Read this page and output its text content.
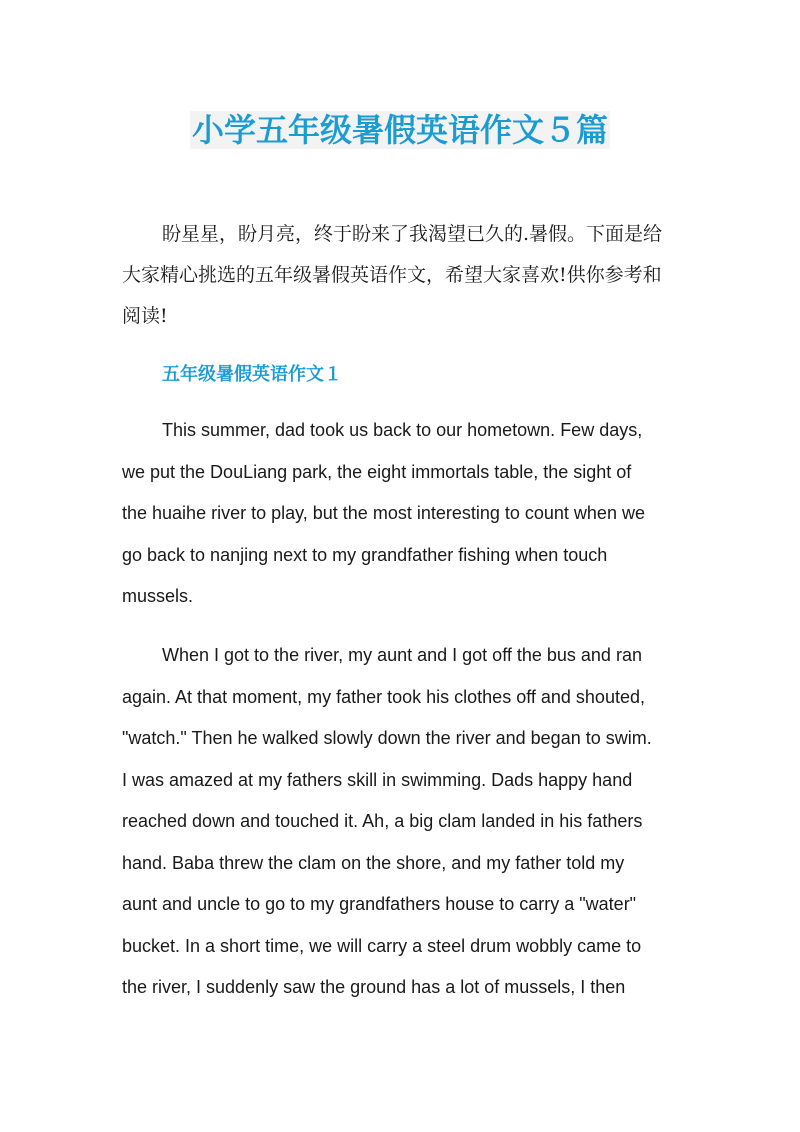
小学五年级暑假英语作文５篇

盼星星，盼月亮，终于盼来了我渴望已久的.暑假。下面是给大家精心挑选的五年级暑假英语作文，希望大家喜欢!供你参考和阅读!

五年级暑假英语作文１

This summer, dad took us back to our hometown. Few days,
we put the DouLiang park, the eight immortals table, the sight of
the huaihe river to play, but the most interesting to count when we
go back to nanjing next to my grandfather fishing when touch
mussels.

When I got to the river, my aunt and I got off the bus and ran
again. At that moment, my father took his clothes off and shouted,
"watch." Then he walked slowly down the river and began to swim.
I was amazed at my fathers skill in swimming. Dads happy hand
reached down and touched it. Ah, a big clam landed in his fathers
hand. Baba threw the clam on the shore, and my father told my
aunt and uncle to go to my grandfathers house to carry a "water"
bucket. In a short time, we will carry a steel drum wobbly came to
the river, I suddenly saw the ground has a lot of mussels, I then
